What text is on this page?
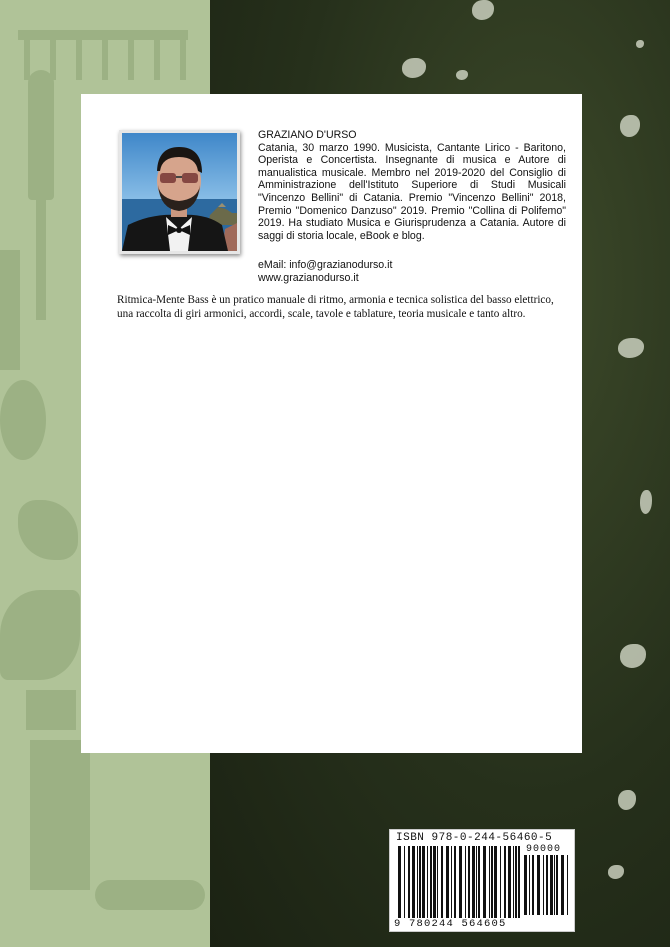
GRAZIANO D'URSO

Catania, 30 marzo 1990. Musicista, Cantante Lirico - Baritono, Operista e Concertista. Insegnante di musica e Autore di manualistica musicale. Membro nel 2019-2020 del Consiglio di Amministrazione dell'Istituto Superiore di Studi Musicali "Vincenzo Bellini" di Catania. Premio "Vincenzo Bellini" 2018, Premio "Domenico Danzuso" 2019. Premio "Collina di Polifemo" 2019. Ha studiato Musica e Giurisprudenza a Catania. Autore di saggi di storia locale, eBook e blog.

eMail: info@grazianodurso.it
www.grazianodurso.it

Ritmica-Mente Bass è un pratico manuale di ritmo, armonia e tecnica solistica del basso elettrico, una raccolta di giri armonici, accordi, scale, tavole e tablature, teoria musicale e tanto altro.

ISBN 978-0-244-56460-5
90000
9 780244 564605
